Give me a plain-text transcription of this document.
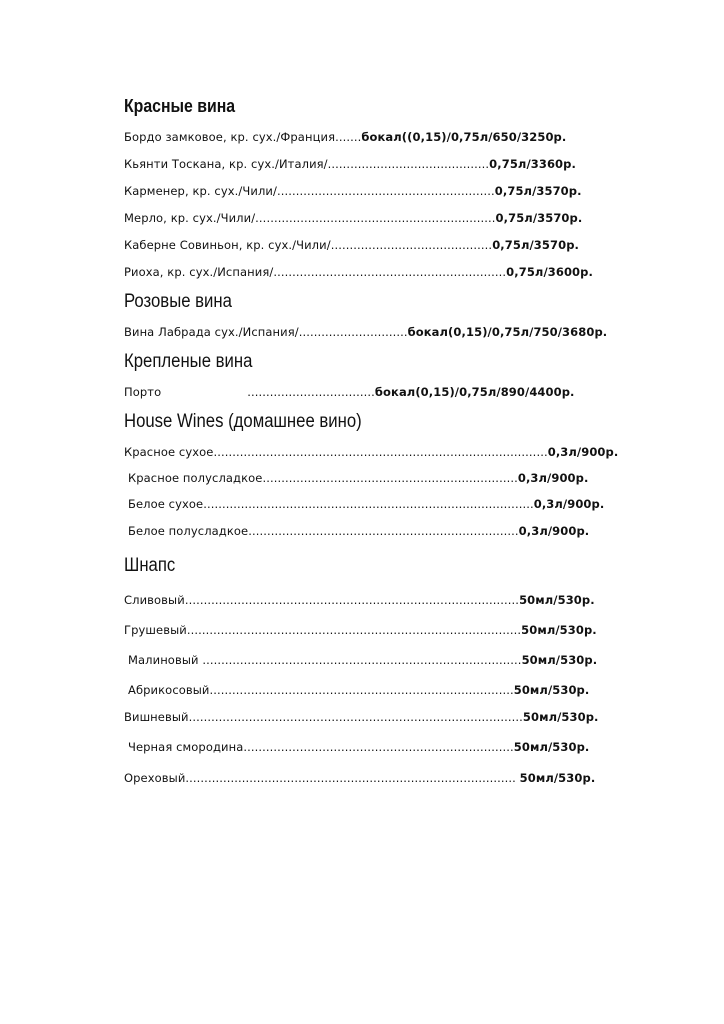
Красные вина
Бордо замковое, кр. сух./Франция.......бокал((0,15)/0,75л/650/3250р.
Кьянти Тоскана, кр. сух./Италия/...........................................0,75л/3360р.
Карменер, кр. сух./Чили/..........................................................0,75л/3570р.
Мерло, кр. сух./Чили/................................................................0,75л/3570р.
Каберне Совиньон, кр. сух./Чили/...........................................0,75л/3570р.
Риоха, кр. сух./Испания/..............................................................0,75л/3600р.
Розовые вина
Вина Лабрада сух./Испания/.............................бокал(0,15)/0,75л/750/3680р.
Крепленые вина
Порто	..................................бокал(0,15)/0,75л/890/4400р.
House Wines (домашнее вино)
Красное сухое.........................................................................................0,3л/900р.
Красное полусладкое....................................................................0,3л/900р.
Белое сухое........................................................................................0,3л/900р.
Белое полусладкое........................................................................0,3л/900р.
Шнапс
Сливовый.........................................................................................50мл/530р.
Грушевый.........................................................................................50мл/530р.
Малиновый .....................................................................................50мл/530р.
Абрикосовый.................................................................................50мл/530р.
Вишневый.........................................................................................50мл/530р.
Черная смородина........................................................................50мл/530р.
Ореховый........................................................................................ 50мл/530р.
